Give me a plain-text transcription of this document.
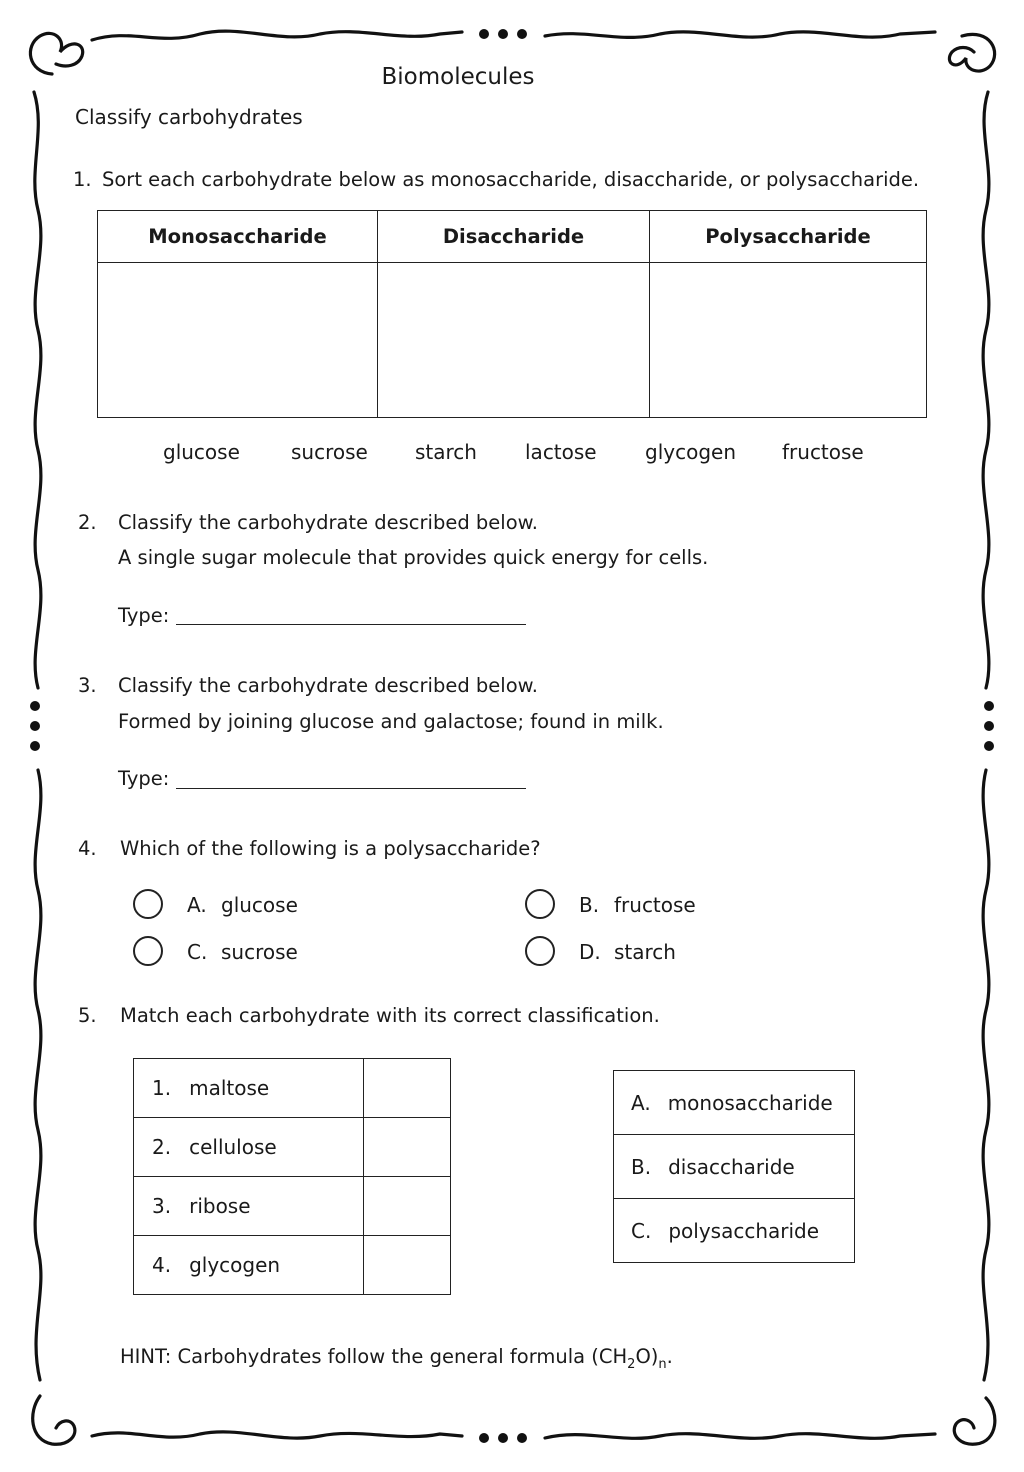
Biomolecules
Classify carbohydrates
1. Sort each carbohydrate below as monosaccharide, disaccharide, or polysaccharide.
Monosaccharide	Disaccharide	Polysaccharide

glucose	sucrose starch lactose glycogen fructose
2. Classify the carbohydrate described below.
A single sugar molecule that provides quick energy for cells.
Type:
3. Classify the carbohydrate described below.
Formed by joining glucose and galactose; found in milk.
Type:
4. Which of the following is a polysaccharide?
A. glucose	B. fructose
C. sucrose	D. starch
5. Match each carbohydrate with its correct classification.
1. maltose	
2. cellulose	
3. ribose	
4. glycogen	
A. monosaccharide
B. disaccharide
C. polysaccharide
HINT: Carbohydrates follow the general formula $(CH_2O)_n$.
